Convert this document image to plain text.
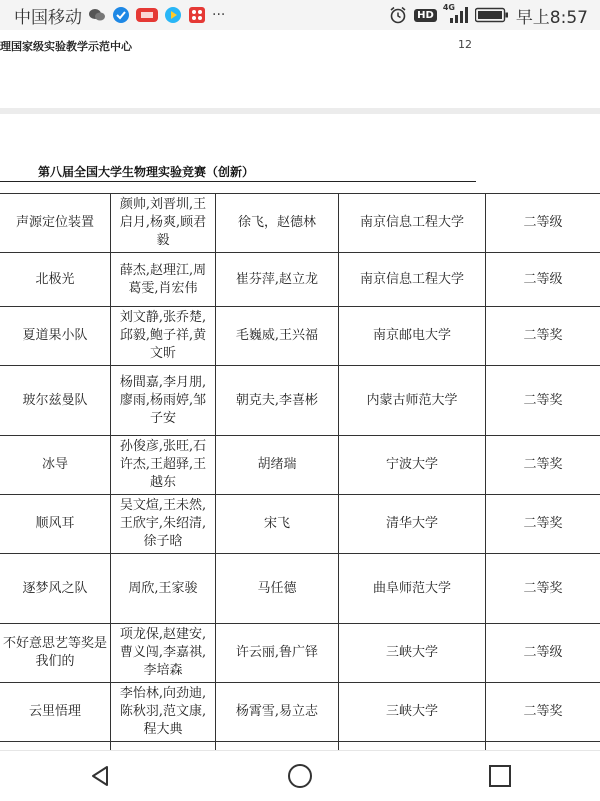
中国移动	···	HD
4G	早上8:57
理国家级实验教学示范中心	12
第八届全国大学生物理实验竞赛（创新）
声源定位装置	颜帅,刘晋圳,王启月,杨爽,顾君毅	徐飞，赵德林	南京信息工程大学	二等级
北极光	薛杰,赵理江,周葛雯,肖宏伟	崔芬萍,赵立龙	南京信息工程大学	二等级
夏道果小队	刘文静,张乔楚,邱毅,鲍子祥,黄文昕	毛巍威,王兴福	南京邮电大学	二等奖
玻尔兹曼队	杨間嘉,李月朋,廖雨,杨雨婷,邹子安	朝克夫,李喜彬	内蒙古师范大学	二等奖
冰导	孙俊彦,张旺,石许杰,王超驿,王越东	胡绪瑞	宁波大学	二等奖
顺风耳	吴文煊,王未然,王欣宇,朱绍清,徐子晗	宋飞	清华大学	二等奖
逐梦风之队	周欣,王家骏	马任德	曲阜师范大学	二等奖
不好意思艺等奖是我们的	项龙保,赵建安,曹义闯,李嘉祺,李培森	许云丽,鲁广铎	三峡大学	二等级
云里悟理	李怡林,向劲迪,陈秋羽,范文康,程大典	杨霄雪,易立志	三峡大学	二等奖
